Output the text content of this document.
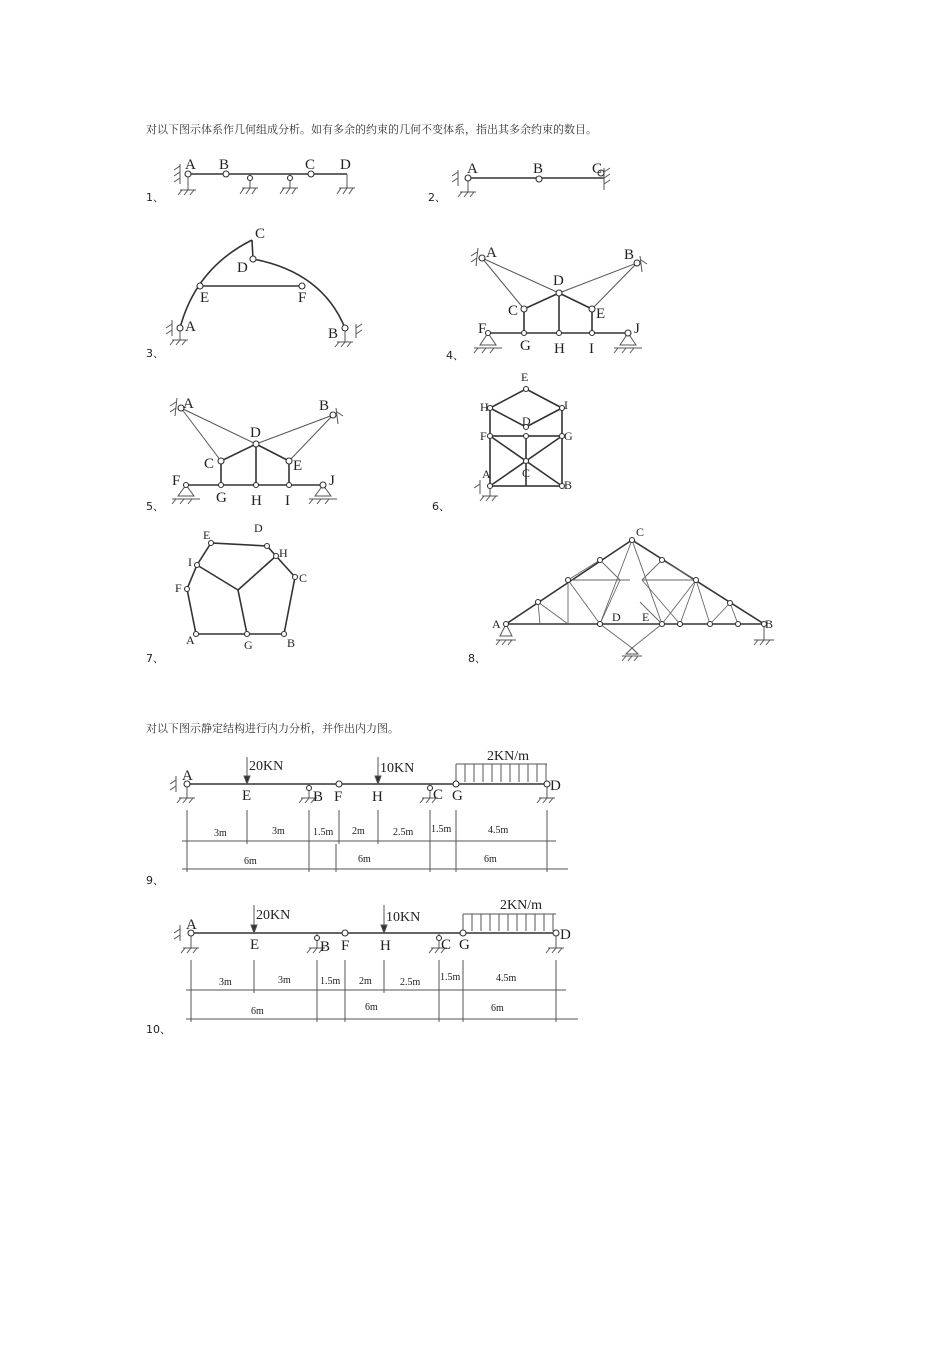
对以下图示体系作几何组成分析。如有多余的约束的几何不变体系，指出其多余约束的数目。
对以下图示静定结构进行内力分析，并作出内力图。
1、	2、
3、	4、
5、	6、
7、	8、
9、
10、
A B	C D	A	B	C
A	B
C
D
E	F
A	B
C
D
E
F
G H I
J
A	B
C
D
E
F
G H I
J	A
B
C
D
E
F	G
H	I
A	B
C
D
E
F
G
H
I
A	B
C
D E
A
E	B F H	C G
D
20KN	10KN
2KN/m
3m	3m	1.5m 2m	2.5m 1.5m	4.5m
6m	6m	6m
A
E	B F H	C G
D
20KN	10KN
2KN/m
3m	3m	1.5m 2m	2.5m 1.5m	4.5m
6m	6m	6m
